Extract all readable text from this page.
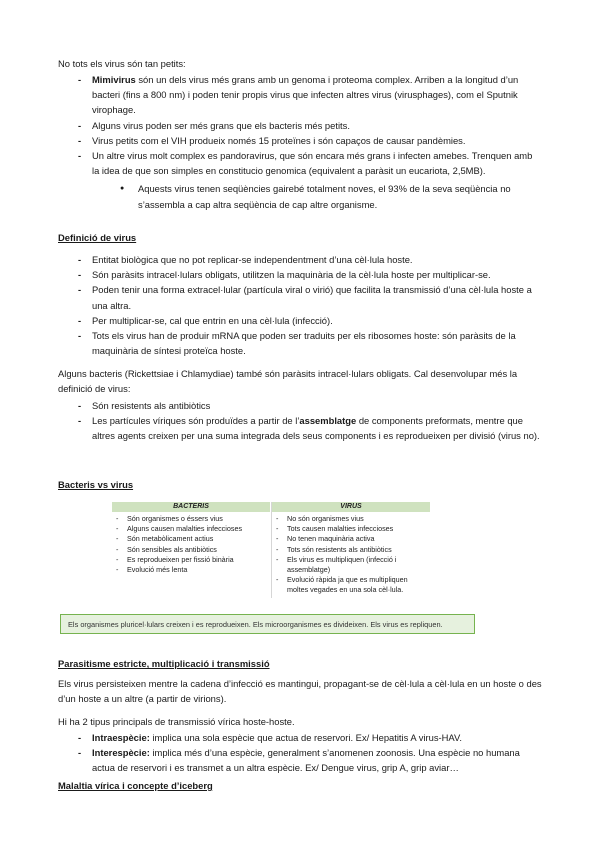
No tots els virus són tan petits:

- Mimivirus són un dels virus més grans amb un genoma i proteoma complex. Arriben a la longitud d’un bacteri (fins a 800 nm) i poden tenir propis virus que infecten altres virus (virusphages), com el Sputnik virophage.
- Alguns virus poden ser més grans que els bacteris més petits.
- Virus petits com el VIH produeix només 15 proteïnes i són capaços de causar pandèmies.
- Un altre virus molt complex es pandoravirus, que són encara més grans i infecten amebes. Trenquen amb la idea de que son simples en constitucio genomica (equivalent a paràsit un eucariota, 2,5MB).
● Aquests virus tenen seqüències gairebé totalment noves, el 93% de la seva seqüència no s’assembla a cap altra seqüència de cap altre organisme.

Definició de virus

- Entitat biològica que no pot replicar-se independentment d’una cèl·lula hoste.
- Són paràsits intracel·lulars obligats, utilitzen la maquinària de la cèl·lula hoste per multiplicar-se.
- Poden tenir una forma extracel·lular (partícula viral o virió) que facilita la transmissió d’una cèl·lula hoste a una altra.
- Per multiplicar-se, cal que entrin en una cèl·lula (infecció).
- Tots els virus han de produir mRNA que poden ser traduits per els ribosomes hoste: són paràsits de la maquinària de síntesi proteïca hoste.

Alguns bacteris (Rickettsiae i Chlamydiae) també són paràsits intracel·lulars obligats. Cal desenvolupar més la definició de virus:

- Són resistents als antibiòtics
- Les partícules víriques són produïdes a partir de l’assemblatge de components preformats, mentre que altres agents creixen per una suma integrada dels seus components i es reprodueixen per divisió (virus no).

Bacteris vs virus

BACTERIS	VIRUS
- Són organismes o éssers vius
- Alguns causen malalties infeccioses
- Són metabòlicament actius
- Són sensibles als antibiòtics
- Es reprodueixen per fissió binària
- Evolució més lenta
- No són organismes vius
- Tots causen malalties infeccioses
- No tenen maquinària activa
- Tots són resistents als antibiòtics
- Els virus es multipliquen (infecció i assemblatge)
- Evolució ràpida ja que es multipliquen moltes vegades en una sola cèl·lula.
Els organismes pluricel·lulars creixen i es reprodueixen. Els microorganismes es divideixen. Els virus es repliquen.

Parasitisme estricte, multiplicació i transmissió

Els virus persisteixen mentre la cadena d’infecció es mantingui, propagant-se de cèl·lula a cèl·lula en un hoste o des d’un hoste a un altre (a partir de virions).

Hi ha 2 tipus principals de transmissió vírica hoste-hoste.

- Intraespècie: implica una sola espècie que actua de reservori. Ex/ Hepatitis A virus-HAV.
- Interespècie: implica més d’una espècie, generalment s’anomenen zoonosis. Una espècie no humana actua de reservori i es transmet a un altra espècie. Ex/ Dengue virus, grip A, grip aviar…

Malaltia vírica i concepte d’iceberg
